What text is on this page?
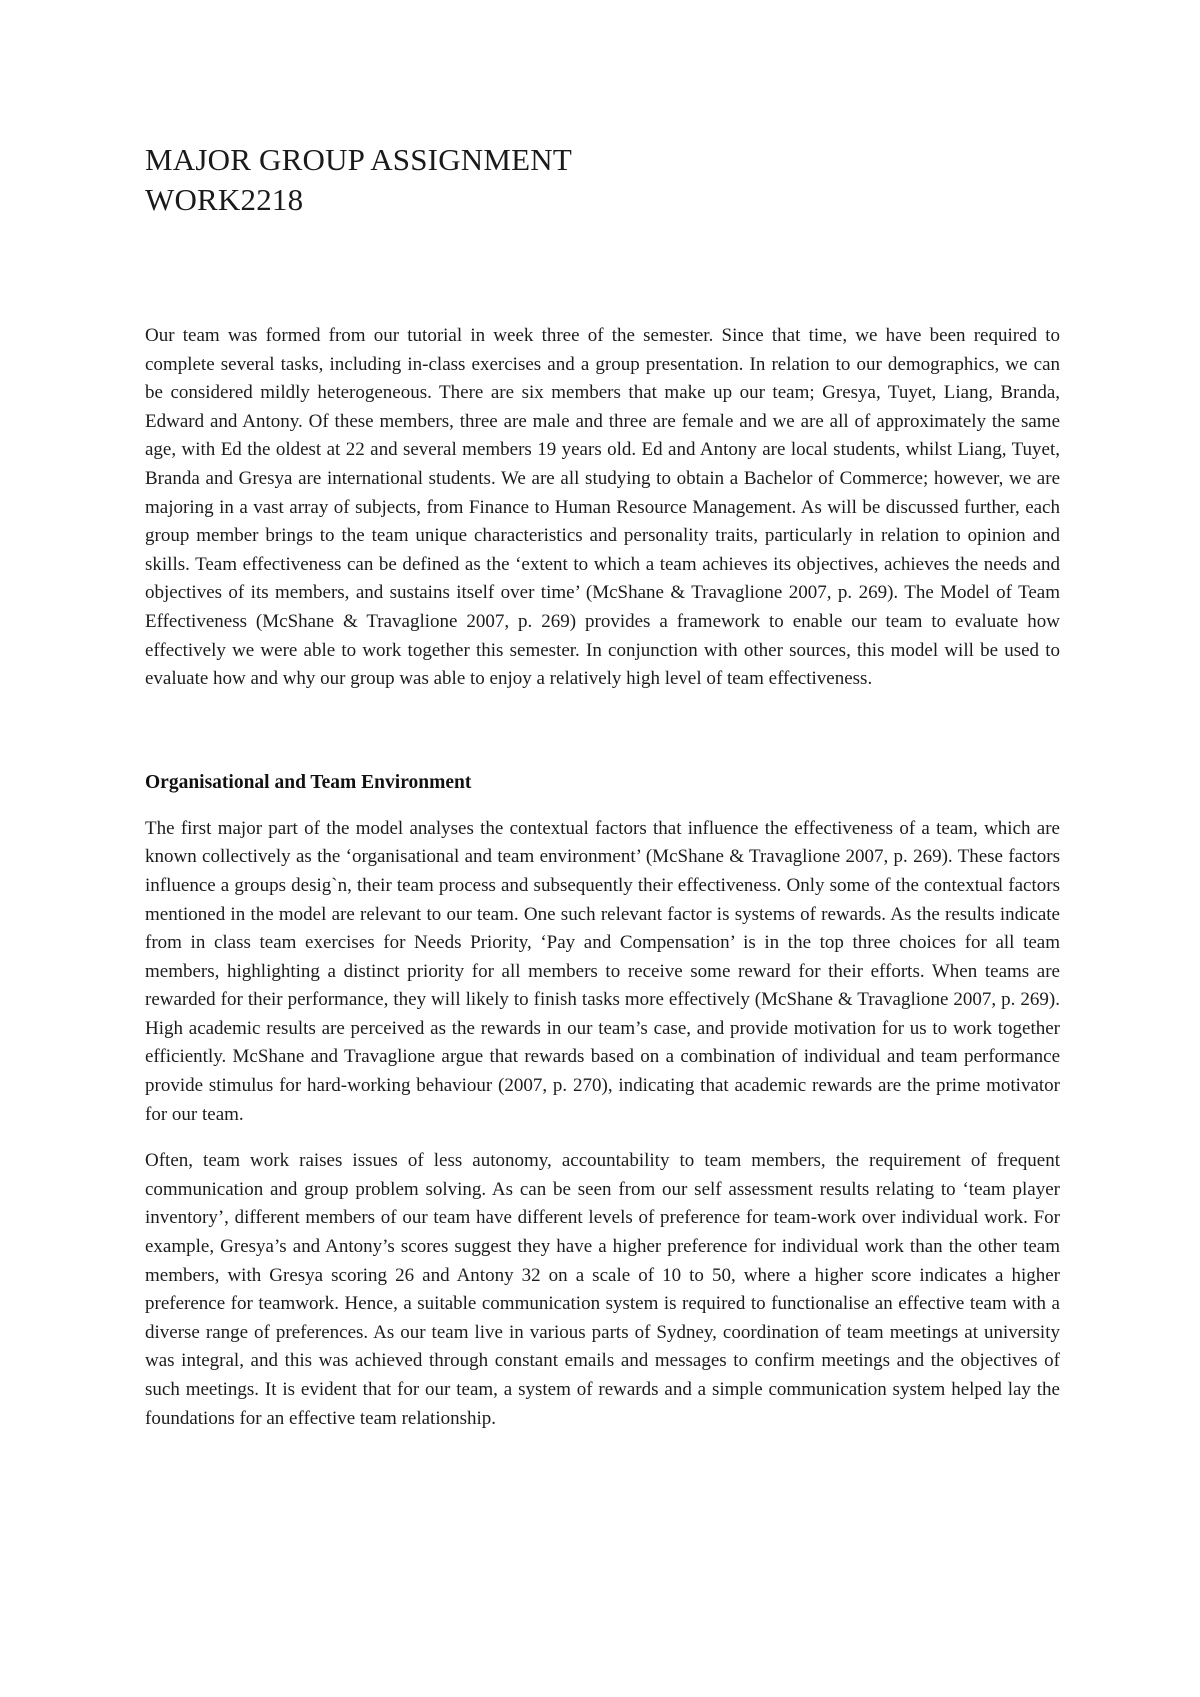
MAJOR GROUP ASSIGNMENT
WORK2218

Our team was formed from our tutorial in week three of the semester. Since that time, we have been required to complete several tasks, including in-class exercises and a group presentation. In relation to our demographics, we can be considered mildly heterogeneous. There are six members that make up our team; Gresya, Tuyet, Liang, Branda, Edward and Antony. Of these members, three are male and three are female and we are all of approximately the same age, with Ed the oldest at 22 and several members 19 years old. Ed and Antony are local students, whilst Liang, Tuyet, Branda and Gresya are international students. We are all studying to obtain a Bachelor of Commerce; however, we are majoring in a vast array of subjects, from Finance to Human Resource Management. As will be discussed further, each group member brings to the team unique characteristics and personality traits, particularly in relation to opinion and skills. Team effectiveness can be defined as the ‘extent to which a team achieves its objectives, achieves the needs and objectives of its members, and sustains itself over time’ (McShane & Travaglione 2007, p. 269). The Model of Team Effectiveness (McShane & Travaglione 2007, p. 269) provides a framework to enable our team to evaluate how effectively we were able to work together this semester. In conjunction with other sources, this model will be used to evaluate how and why our group was able to enjoy a relatively high level of team effectiveness.

Organisational and Team Environment

The first major part of the model analyses the contextual factors that influence the effectiveness of a team, which are known collectively as the ‘organisational and team environment’ (McShane & Travaglione 2007, p. 269). These factors influence a groups desig`n, their team process and subsequently their effectiveness. Only some of the contextual factors mentioned in the model are relevant to our team. One such relevant factor is systems of rewards. As the results indicate from in class team exercises for Needs Priority, ‘Pay and Compensation’ is in the top three choices for all team members, highlighting a distinct priority for all members to receive some reward for their efforts. When teams are rewarded for their performance, they will likely to finish tasks more effectively (McShane & Travaglione 2007, p. 269). High academic results are perceived as the rewards in our team’s case, and provide motivation for us to work together efficiently. McShane and Travaglione argue that rewards based on a combination of individual and team performance provide stimulus for hard-working behaviour (2007, p. 270), indicating that academic rewards are the prime motivator for our team.

Often, team work raises issues of less autonomy, accountability to team members, the requirement of frequent communication and group problem solving. As can be seen from our self assessment results relating to ‘team player inventory’, different members of our team have different levels of preference for team-work over individual work. For example, Gresya’s and Antony’s scores suggest they have a higher preference for individual work than the other team members, with Gresya scoring 26 and Antony 32 on a scale of 10 to 50, where a higher score indicates a higher preference for teamwork. Hence, a suitable communication system is required to functionalise an effective team with a diverse range of preferences. As our team live in various parts of Sydney, coordination of team meetings at university was integral, and this was achieved through constant emails and messages to confirm meetings and the objectives of such meetings. It is evident that for our team, a system of rewards and a simple communication system helped lay the foundations for an effective team relationship.
